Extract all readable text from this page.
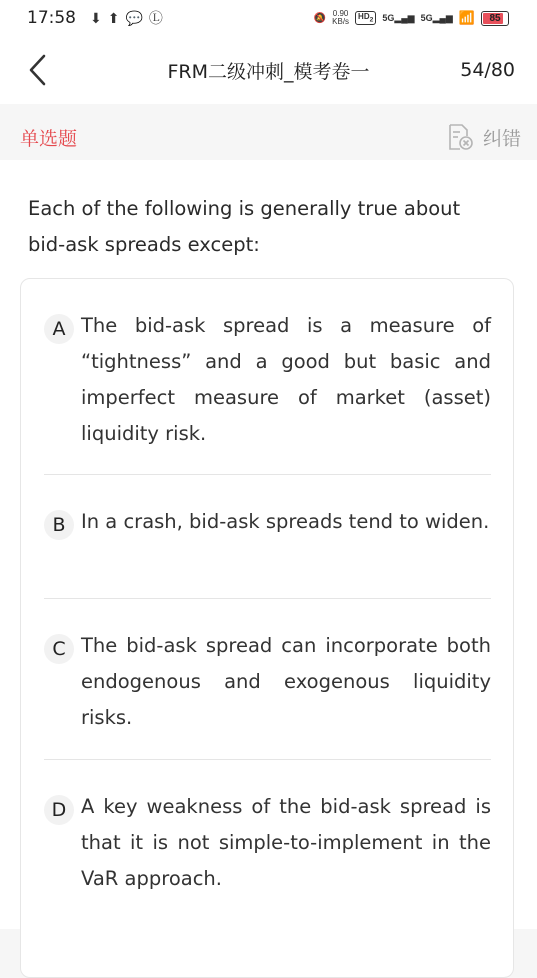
17:58 ⬇ ⬆ 💬 Ⓛ	🔕 0.90
KB/s
$HD_2$	5G▂▄▆ 5G▂▄▆ 📶 85
FRM二级冲刺_模考卷一	54/80
单选题	纠错
Each of the following is generally true about bid-ask spreads except:
A The bid-ask spread is a measure of “tightness” and a good but basic and imperfect measure of market (asset) liquidity risk.
B In a crash, bid-ask spreads tend to widen.
C The bid-ask spread can incorporate both endogenous and exogenous liquidity risks.
D A key weakness of the bid-ask spread is that it is not simple-to-implement in the VaR approach.
